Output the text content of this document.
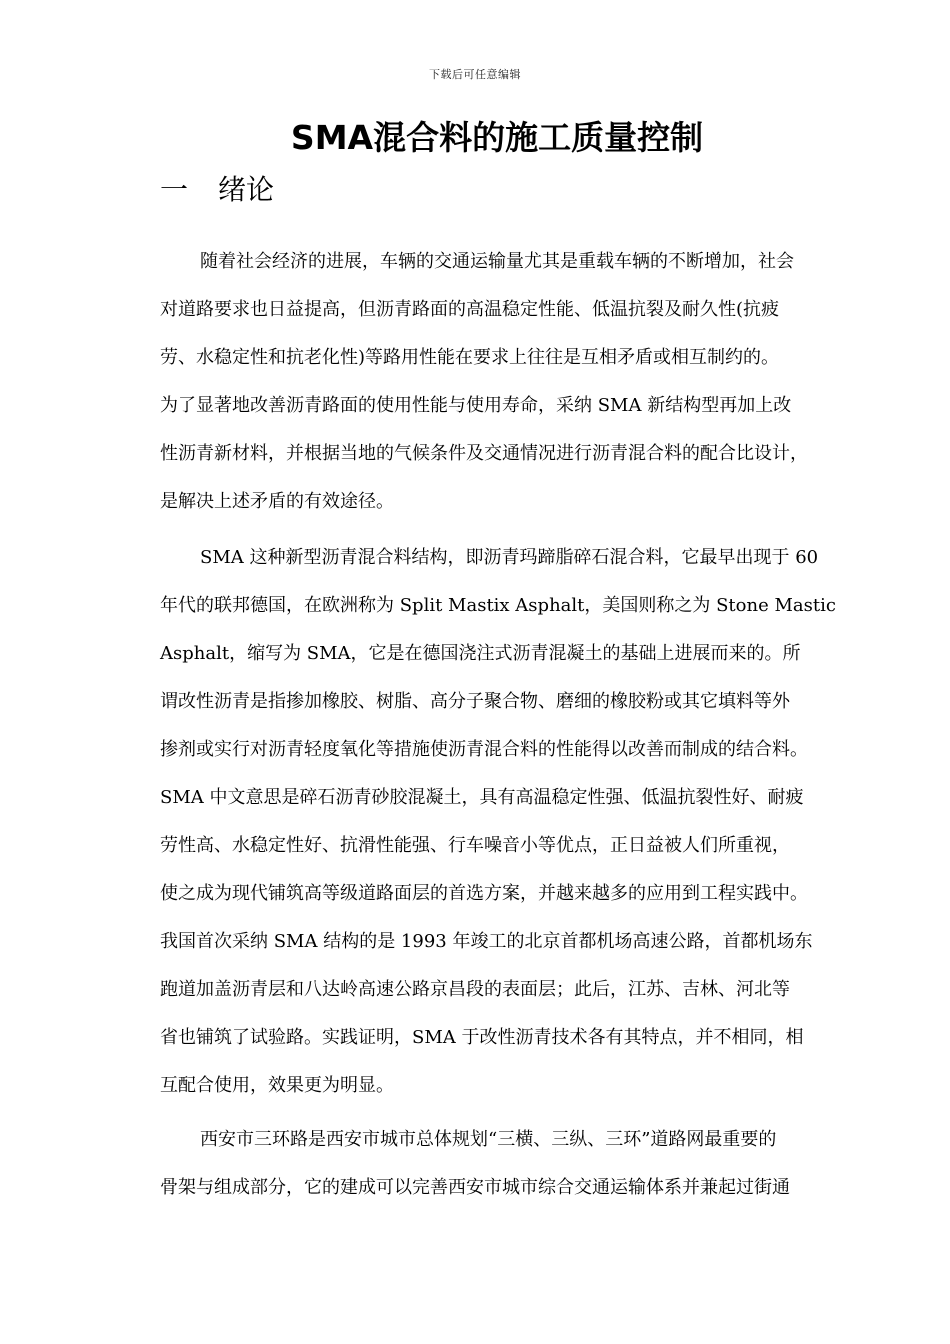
下载后可任意编辑
SMA混合料的施工质量控制
一	绪论
随着社会经济的进展，车辆的交通运输量尤其是重载车辆的不断增加，社会
对道路要求也日益提高，但沥青路面的高温稳定性能、低温抗裂及耐久性(抗疲
劳、水稳定性和抗老化性)等路用性能在要求上往往是互相矛盾或相互制约的。
为了显著地改善沥青路面的使用性能与使用寿命，采纳 SMA 新结构型再加上改
性沥青新材料，并根据当地的气候条件及交通情况进行沥青混合料的配合比设计，
是解决上述矛盾的有效途径。
SMA 这种新型沥青混合料结构，即沥青玛蹄脂碎石混合料，它最早出现于 60
年代的联邦德国，在欧洲称为 Split Mastix Asphalt，美国则称之为 Stone Mastic
Asphalt，缩写为 SMA，它是在德国浇注式沥青混凝土的基础上进展而来的。所
谓改性沥青是指掺加橡胶、树脂、高分子聚合物、磨细的橡胶粉或其它填料等外
掺剂或实行对沥青轻度氧化等措施使沥青混合料的性能得以改善而制成的结合料。
SMA 中文意思是碎石沥青砂胶混凝土，具有高温稳定性强、低温抗裂性好、耐疲
劳性高、水稳定性好、抗滑性能强、行车噪音小等优点，正日益被人们所重视，
使之成为现代铺筑高等级道路面层的首选方案，并越来越多的应用到工程实践中。
我国首次采纳 SMA 结构的是 1993 年竣工的北京首都机场高速公路，首都机场东
跑道加盖沥青层和八达岭高速公路京昌段的表面层；此后，江苏、吉林、河北等
省也铺筑了试验路。实践证明，SMA 于改性沥青技术各有其特点，并不相同，相
互配合使用，效果更为明显。
西安市三环路是西安市城市总体规划“三横、三纵、三环”道路网最重要的
骨架与组成部分，它的建成可以完善西安市城市综合交通运输体系并兼起过街通
